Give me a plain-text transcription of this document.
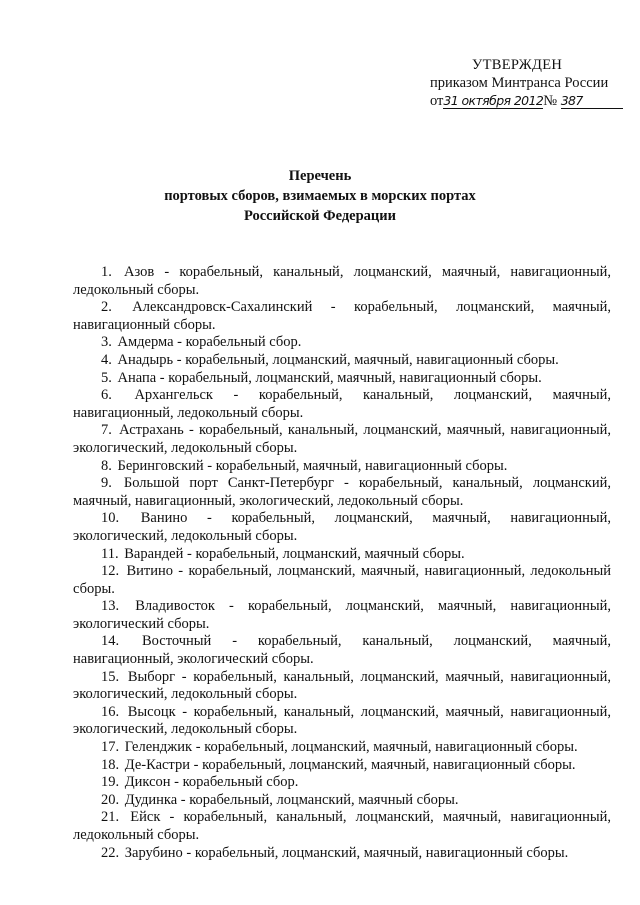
УТВЕРЖДЕН
приказом Минтранса России
от31 октября 2012№ 387
Перечень
портовых сборов, взимаемых в морских портах
Российской Федерации

1. Азов - корабельный, канальный, лоцманский, маячный, навигационный, ледокольный сборы.

2. Александровск-Сахалинский - корабельный, лоцманский, маячный, навигационный сборы.

3. Амдерма - корабельный сбор.

4. Анадырь - корабельный, лоцманский, маячный, навигационный сборы.

5. Анапа - корабельный, лоцманский, маячный, навигационный сборы.

6. Архангельск - корабельный, канальный, лоцманский, маячный, навигационный, ледокольный сборы.

7. Астрахань - корабельный, канальный, лоцманский, маячный, навигационный, экологический, ледокольный сборы.

8. Беринговский - корабельный, маячный, навигационный сборы.

9. Большой порт Санкт-Петербург - корабельный, канальный, лоцманский, маячный, навигационный, экологический, ледокольный сборы.

10. Ванино - корабельный, лоцманский, маячный, навигационный, экологический, ледокольный сборы.

11. Варандей - корабельный, лоцманский, маячный сборы.

12. Витино - корабельный, лоцманский, маячный, навигационный, ледокольный сборы.

13. Владивосток - корабельный, лоцманский, маячный, навигационный, экологический сборы.

14. Восточный - корабельный, канальный, лоцманский, маячный, навигационный, экологический сборы.

15. Выборг - корабельный, канальный, лоцманский, маячный, навигационный, экологический, ледокольный сборы.

16. Высоцк - корабельный, канальный, лоцманский, маячный, навигационный, экологический, ледокольный сборы.

17. Геленджик - корабельный, лоцманский, маячный, навигационный сборы.

18. Де-Кастри - корабельный, лоцманский, маячный, навигационный сборы.

19. Диксон - корабельный сбор.

20. Дудинка - корабельный, лоцманский, маячный сборы.

21. Ейск - корабельный, канальный, лоцманский, маячный, навигационный, ледокольный сборы.

22. Зарубино - корабельный, лоцманский, маячный, навигационный сборы.
